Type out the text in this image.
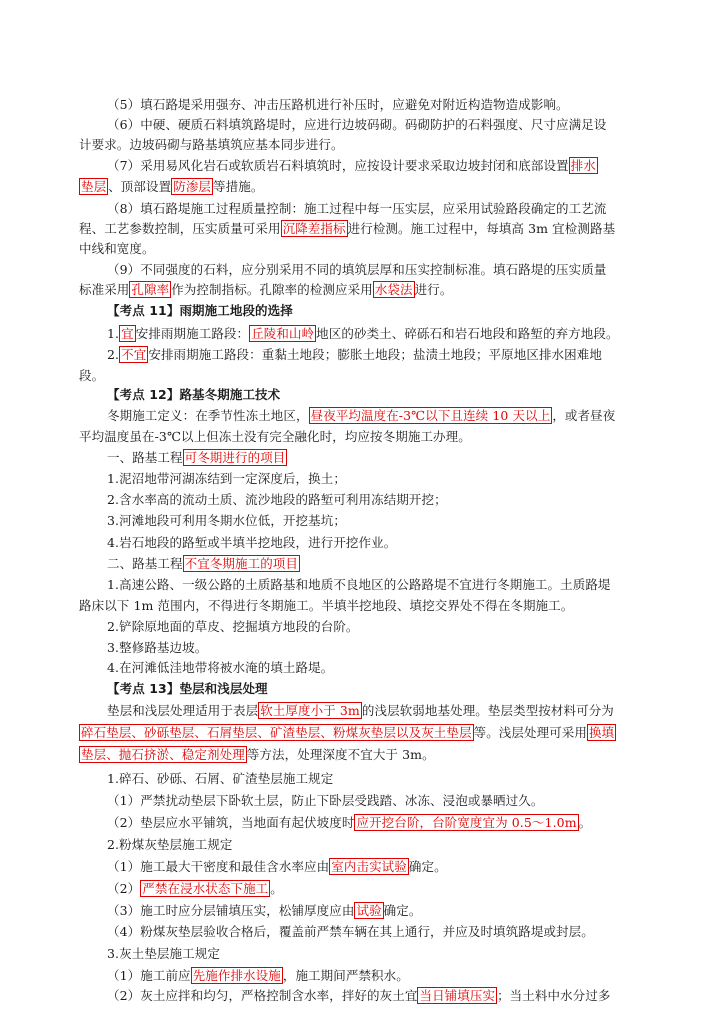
（5）填石路堤采用强夯、冲击压路机进行补压时，应避免对附近构造物造成影响。
（6）中硬、硬质石料填筑路堤时，应进行边坡码砌。码砌防护的石料强度、尺寸应满足设
计要求。边坡码砌与路基填筑应基本同步进行。
（7）采用易风化岩石或软质岩石料填筑时，应按设计要求采取边坡封闭和底部设置 排水
垫层 、顶部设置 防渗层 等措施。
（8）填石路堤施工过程质量控制：施工过程中每一压实层，应采用试验路段确定的工艺流
程、工艺参数控制，压实质量可采用 沉降差指标 进行检测。施工过程中，每填高 3m 宜检测路基
中线和宽度。
（9）不同强度的石料，应分别采用不同的填筑层厚和压实控制标准。填石路堤的压实质量
标准采用 孔隙率 作为控制指标。孔隙率的检测应采用 水袋法 进行。
【考点 11】雨期施工地段的选择
1. 宜 安排雨期施工路段： 丘陵和山岭 地区的砂类土、碎砾石和岩石地段和路堑的弃方地段。
2. 不宜 安排雨期施工路段：重黏土地段；膨胀土地段；盐渍土地段；平原地区排水困难地
段。
【考点 12】路基冬期施工技术
冬期施工定义：在季节性冻土地区， 昼夜平均温度在-3℃以下且连续 10 天以上 ，或者昼夜
平均温度虽在-3℃以上但冻土没有完全融化时，均应按冬期施工办理。
一、路基工程 可冬期进行的项目
1.泥沼地带河湖冻结到一定深度后，换土；
2.含水率高的流动土质、流沙地段的路堑可利用冻结期开挖；
3.河滩地段可利用冬期水位低，开挖基坑；
4.岩石地段的路堑或半填半挖地段，进行开挖作业。
二、路基工程 不宜冬期施工的项目
1.高速公路、一级公路的土质路基和地质不良地区的公路路堤不宜进行冬期施工。土质路堤
路床以下 1m 范围内，不得进行冬期施工。半填半挖地段、填挖交界处不得在冬期施工。
2.铲除原地面的草皮、挖掘填方地段的台阶。
3.整修路基边坡。
4.在河滩低洼地带将被水淹的填土路堤。
【考点 13】垫层和浅层处理
垫层和浅层处理适用于表层 软土厚度小于 3m 的浅层软弱地基处理。垫层类型按材料可分为
碎石垫层、砂砾垫层、石屑垫层、矿渣垫层、粉煤灰垫层以及灰土垫层 等。浅层处理可采用 换填
垫层、抛石挤淤、稳定剂处理 等方法，处理深度不宜大于 3m。
1.碎石、砂砾、石屑、矿渣垫层施工规定
（1）严禁扰动垫层下卧软土层，防止下卧层受践踏、冰冻、浸泡或暴晒过久。
（2）垫层应水平铺筑，当地面有起伏坡度时 应开挖台阶，台阶宽度宜为 0.5～1.0m 。
2.粉煤灰垫层施工规定
（1）施工最大干密度和最佳含水率应由 室内击实试验 确定。
（2） 严禁在浸水状态下施工 。
（3）施工时应分层铺填压实，松铺厚度应由 试验 确定。
（4）粉煤灰垫层验收合格后，覆盖前严禁车辆在其上通行，并应及时填筑路堤或封层。
3.灰土垫层施工规定
（1）施工前应 先施作排水设施 ，施工期间严禁积水。
（2）灰土应拌和均匀，严格控制含水率，拌好的灰土宜 当日铺填压实 ；当土料中水分过多
